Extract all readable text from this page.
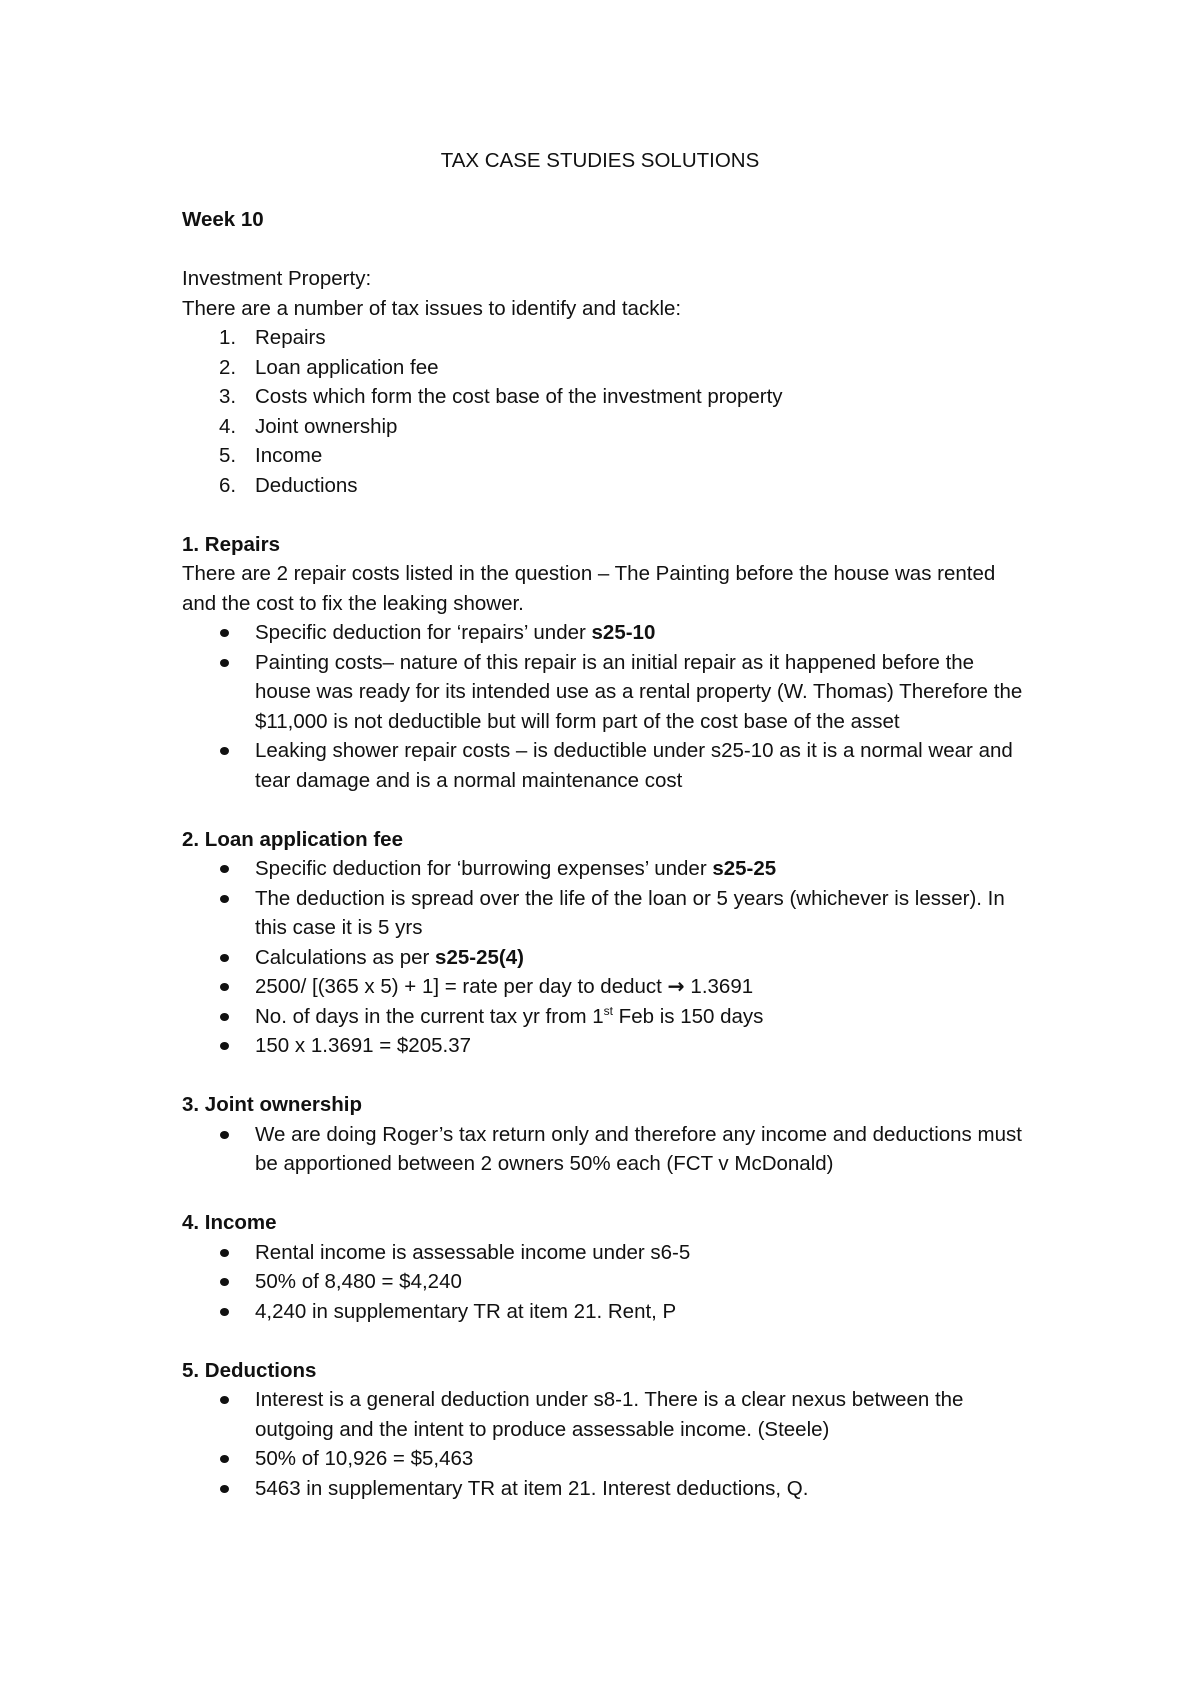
TAX CASE STUDIES SOLUTIONS
Week 10
Investment Property:
There are a number of tax issues to identify and tackle:
1. Repairs
2. Loan application fee
3. Costs which form the cost base of the investment property
4. Joint ownership
5. Income
6. Deductions
1. Repairs
There are 2 repair costs listed in the question – The Painting before the house was rented and the cost to fix the leaking shower.
Specific deduction for ‘repairs’ under s25-10
Painting costs– nature of this repair is an initial repair as it happened before the house was ready for its intended use as a rental property (W. Thomas) Therefore the $11,000 is not deductible but will form part of the cost base of the asset
Leaking shower repair costs – is deductible under s25-10 as it is a normal wear and tear damage and is a normal maintenance cost
2. Loan application fee
Specific deduction for ‘burrowing expenses’ under s25-25
The deduction is spread over the life of the loan or 5 years (whichever is lesser). In this case it is 5 yrs
Calculations as per s25-25(4)
2500/ [(365 x 5) + 1] = rate per day to deduct → 1.3691
No. of days in the current tax yr from 1st Feb is 150 days
150 x 1.3691 = $205.37
3. Joint ownership
We are doing Roger’s tax return only and therefore any income and deductions must be apportioned between 2 owners 50% each (FCT v McDonald)
4. Income
Rental income is assessable income under s6-5
50% of 8,480 = $4,240
4,240 in supplementary TR at item 21. Rent, P
5. Deductions
Interest is a general deduction under s8-1. There is a clear nexus between the outgoing and the intent to produce assessable income. (Steele)
50% of 10,926 = $5,463
5463 in supplementary TR at item 21. Interest deductions, Q.
